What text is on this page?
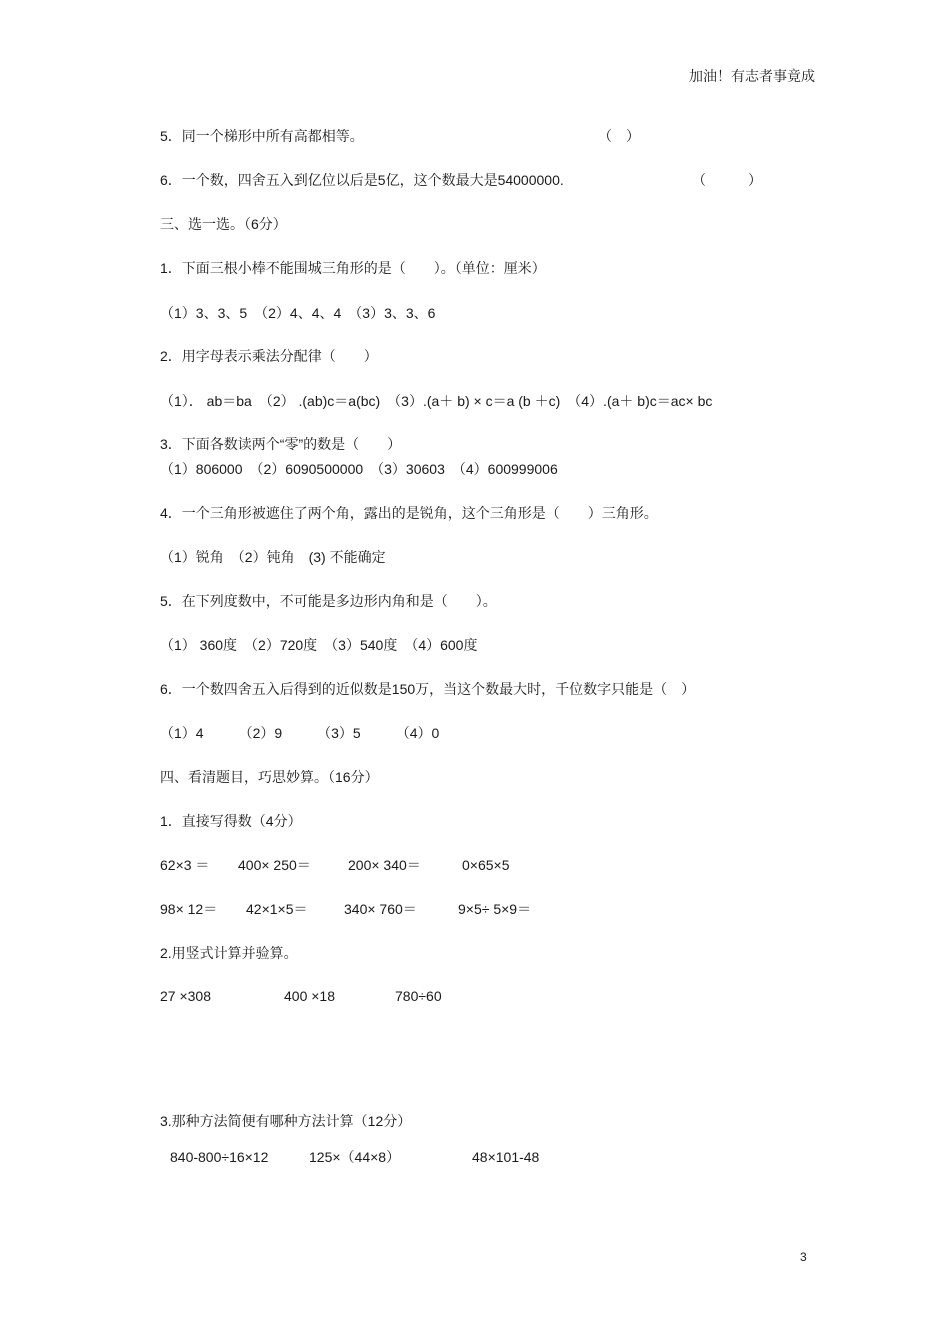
加油！有志者事竟成
5．同一个梯形中所有高都相等。	（　）
6．一个数，四舍五入到亿位以后是5亿，这个数最大是54000000.	（　　　）
三、选一选。（6分）
1．下面三根小棒不能围城三角形的是（　　）。（单位：厘米）
（1）3、3、5　（2）4、4、4　（3）3、3、6
2．用字母表示乘法分配律（　　）
（1）． ab＝ba　（2） .(ab)c＝a(bc)　（3）.(a＋ b) × c＝a (b ＋c)　（4）.(a＋ b)c＝ac× bc
3．下面各数读两个“零”的数是（　　）
（1）806000　（2）6090500000　（3）30603　（4）600999006
4．一个三角形被遮住了两个角，露出的是锐角，这个三角形是（　　）三角形。
（1）锐角　（2）钝角　(3) 不能确定
5．在下列度数中，不可能是多边形内角和是（　　）。
（1） 360度　（2）720度　（3）540度　（4）600度
6．一个数四舍五入后得到的近似数是150万，当这个数最大时，千位数字只能是（　）
（1）4　　　（2）9　　　（3）5　　　（4）0
四、看清题目，巧思妙算。（16分）
1．直接写得数（4分）
62×3 ＝ 400× 250＝	200× 340＝	0×65×5
98× 12＝ 42×1×5＝	340× 760＝	9×5÷ 5×9＝
2.用竖式计算并验算。
27 ×308	400 ×18	780÷60
3.那种方法简便有哪种方法计算（12分）
840-800÷16×12	125×（44×8）	48×101-48
3
